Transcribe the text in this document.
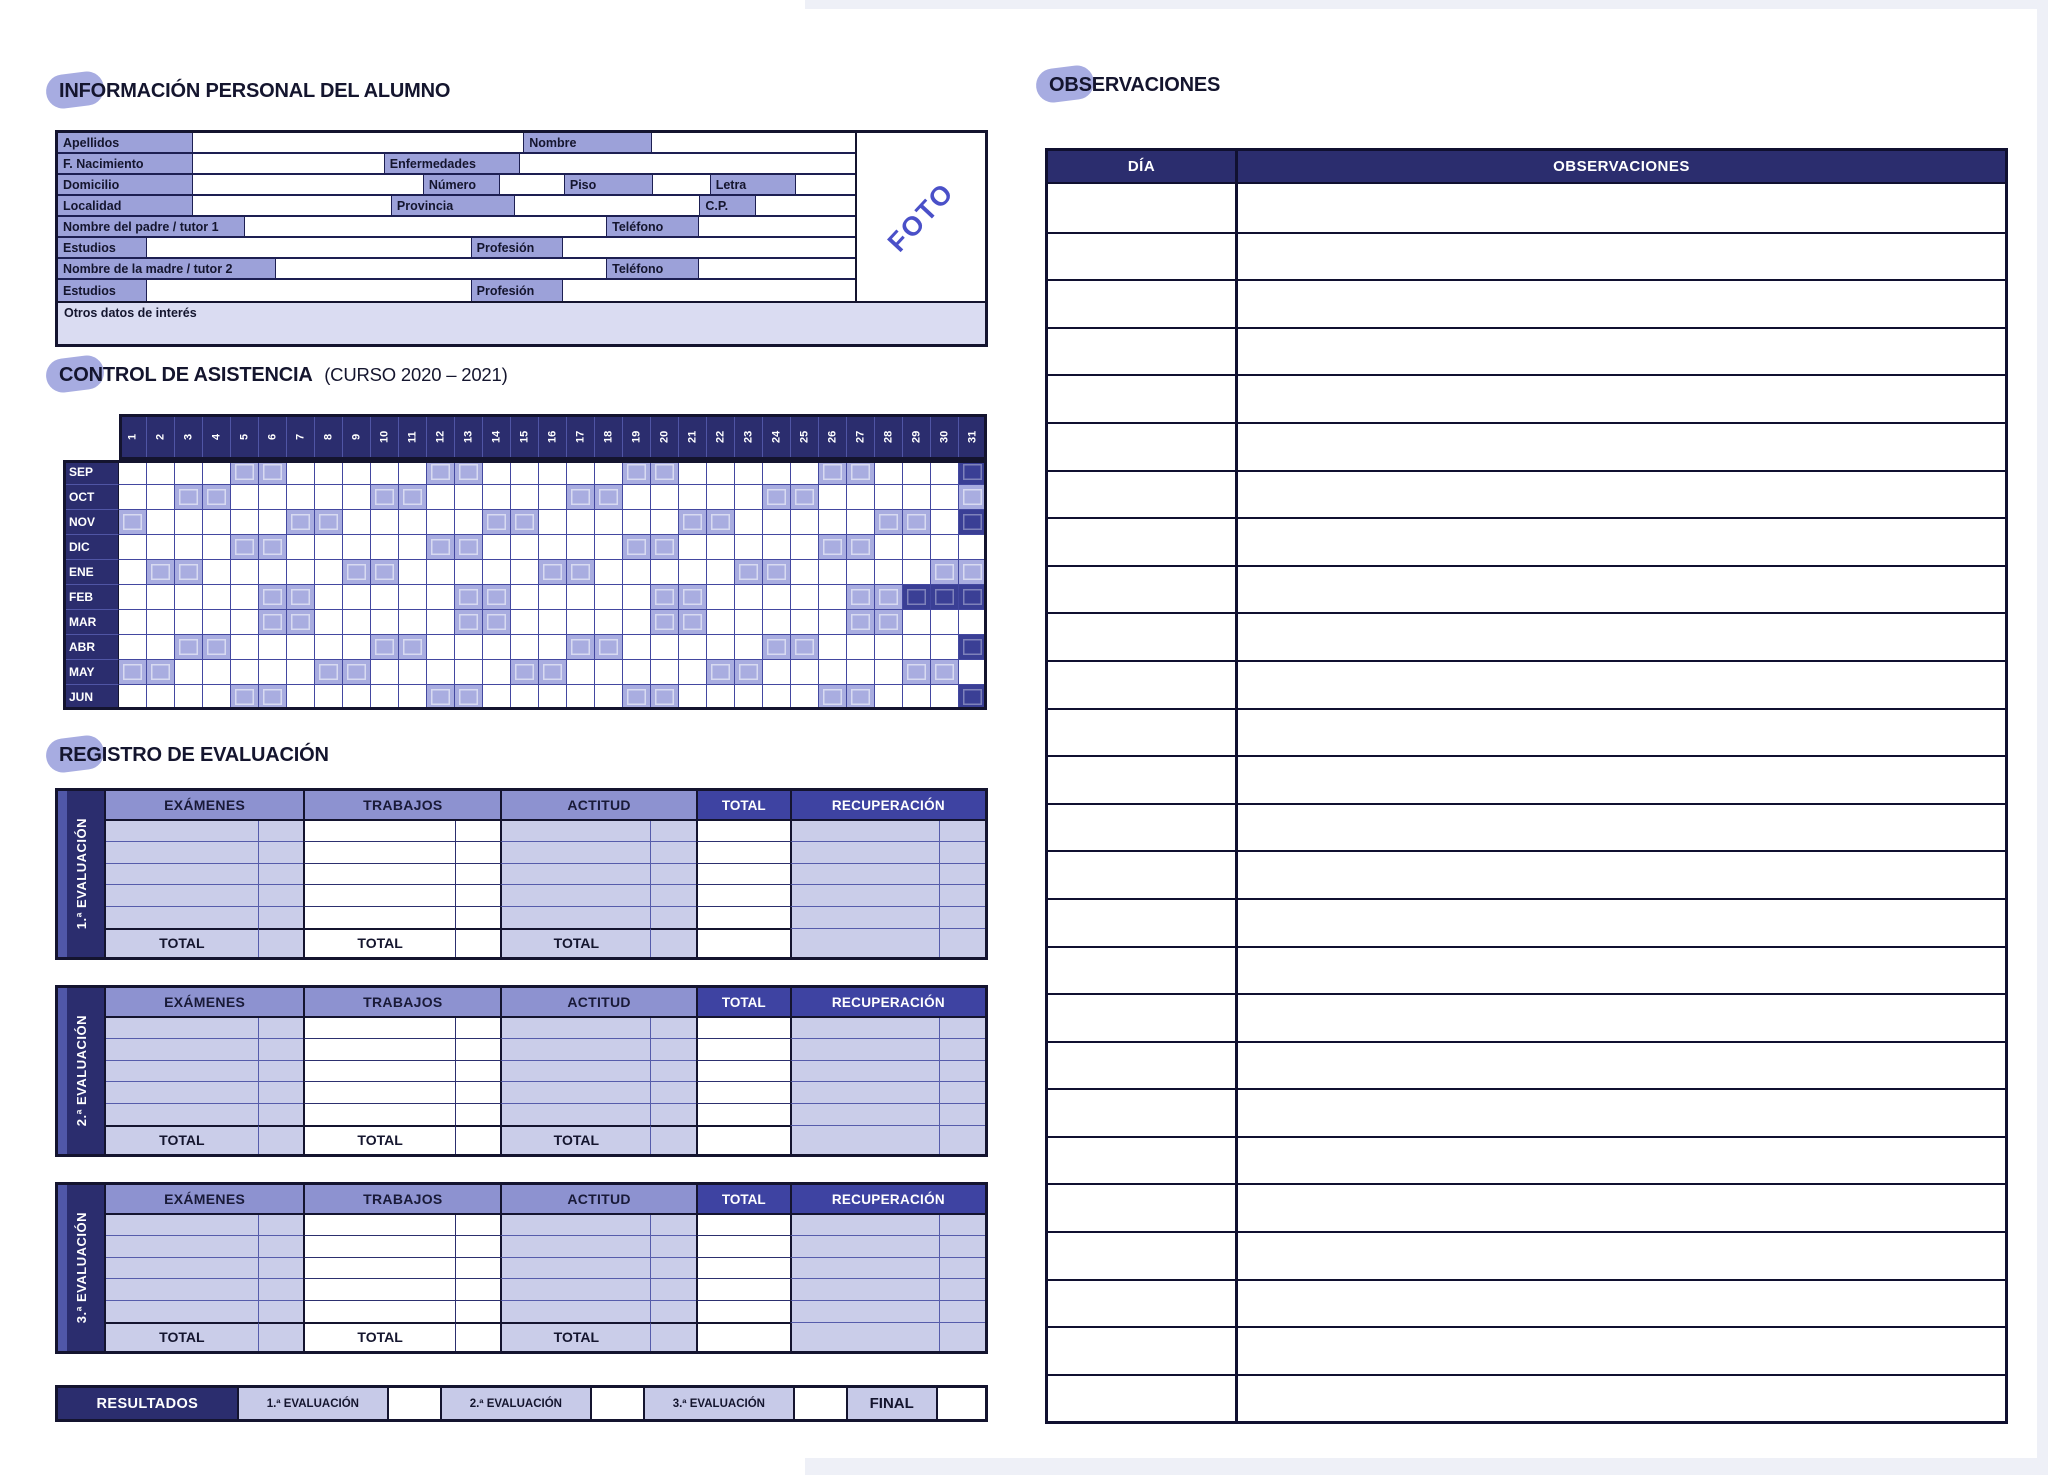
INFORMACIÓN PERSONAL DEL ALUMNO
Apellidos	Nombre
F. Nacimiento	Enfermedades
Domicilio	Número	Piso	Letra
Localidad	Provincia	C.P.
Nombre del padre / tutor 1	Teléfono
Estudios	Profesión
Nombre de la madre / tutor 2	Teléfono
Estudios	Profesión
FOTO
Otros datos de interés
CONTROL DE ASISTENCIA (CURSO 2020 – 2021)
1	2	3	4	5	6	7	8	9	10	11	12	13	14	15	16	17	18	19	20	21	22	23	24	25	26	27	28	29	30	31
SEP
OCT
NOV
DIC
ENE
FEB
MAR
ABR
MAY
JUN
REGISTRO DE EVALUACIÓN
1.ª EVALUACIÓN
EXÁMENES	TRABAJOS	ACTITUD	TOTAL	RECUPERACIÓN
TOTAL	TOTAL	TOTAL
2.ª EVALUACIÓN
EXÁMENES	TRABAJOS	ACTITUD	TOTAL	RECUPERACIÓN
TOTAL	TOTAL	TOTAL
3.ª EVALUACIÓN
EXÁMENES	TRABAJOS	ACTITUD	TOTAL	RECUPERACIÓN
TOTAL	TOTAL	TOTAL
RESULTADOS	1.ª EVALUACIÓN	2.ª EVALUACIÓN	3.ª EVALUACIÓN	FINAL
OBSERVACIONES
DÍA	OBSERVACIONES
